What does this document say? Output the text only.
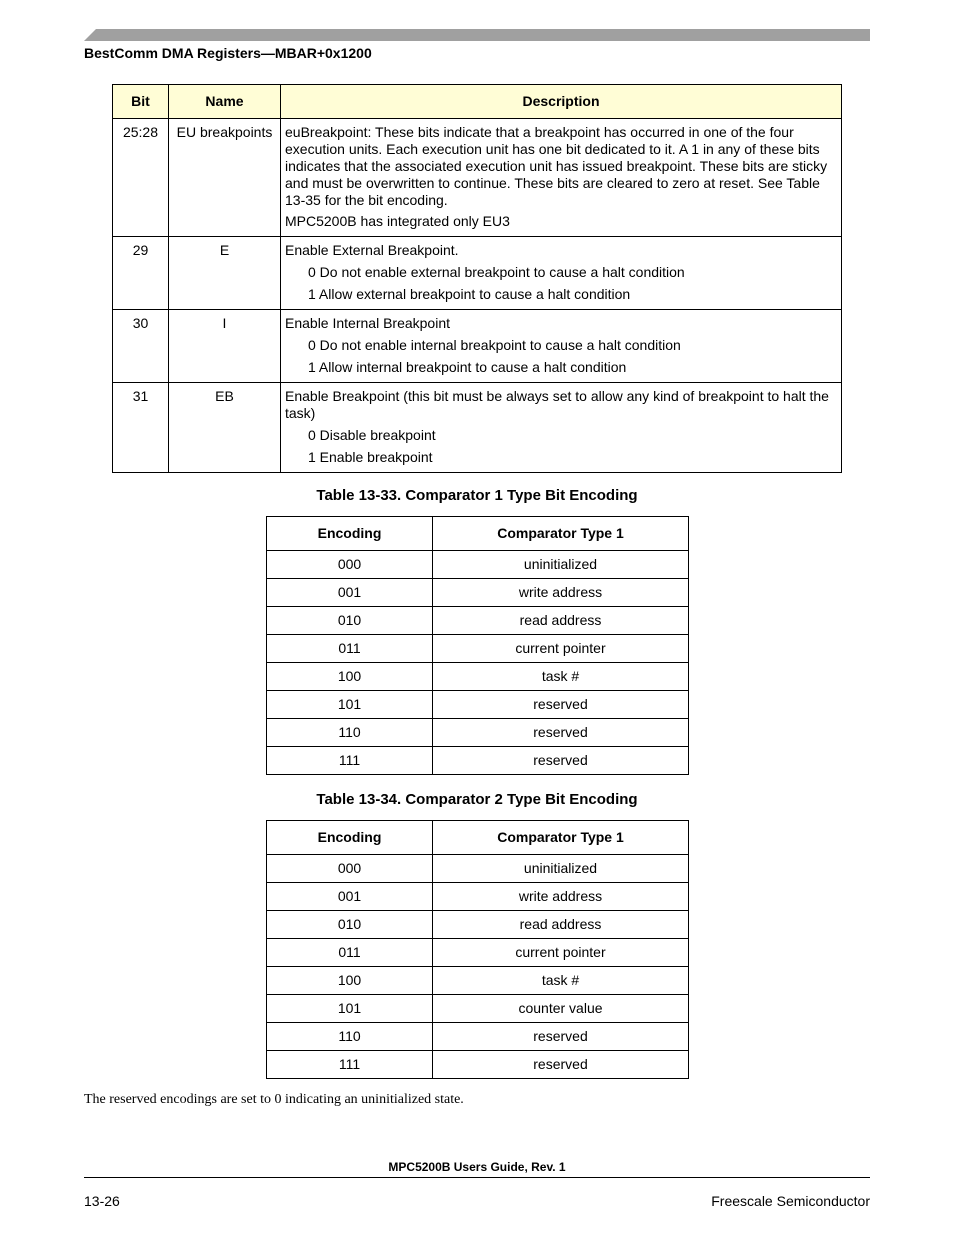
BestComm DMA Registers—MBAR+0x1200
Bit	Name	Description
25:28	EU breakpoints	euBreakpoint: These bits indicate that a breakpoint has occurred in one of the four execution units. Each execution unit has one bit dedicated to it. A 1 in any of these bits indicates that the associated execution unit has issued breakpoint. These bits are sticky and must be overwritten to continue. These bits are cleared to zero at reset. See Table 13-35 for the bit encoding.

MPC5200B has integrated only EU3

29	E	Enable External Breakpoint.

0 Do not enable external breakpoint to cause a halt condition

1 Allow external breakpoint to cause a halt condition

30	I	Enable Internal Breakpoint

0 Do not enable internal breakpoint to cause a halt condition

1 Allow internal breakpoint to cause a halt condition

31	EB	Enable Breakpoint (this bit must be always set to allow any kind of breakpoint to halt the task)

0 Disable breakpoint

1 Enable breakpoint

Table 13-33. Comparator 1 Type Bit Encoding
Encoding	Comparator Type 1
000	uninitialized
001	write address
010	read address
011	current pointer
100	task #
101	reserved
110	reserved
111	reserved
Table 13-34. Comparator 2 Type Bit Encoding
Encoding	Comparator Type 1
000	uninitialized
001	write address
010	read address
011	current pointer
100	task #
101	counter value
110	reserved
111	reserved
The reserved encodings are set to 0 indicating an uninitialized state.
MPC5200B Users Guide, Rev. 1
13-26	Freescale Semiconductor
